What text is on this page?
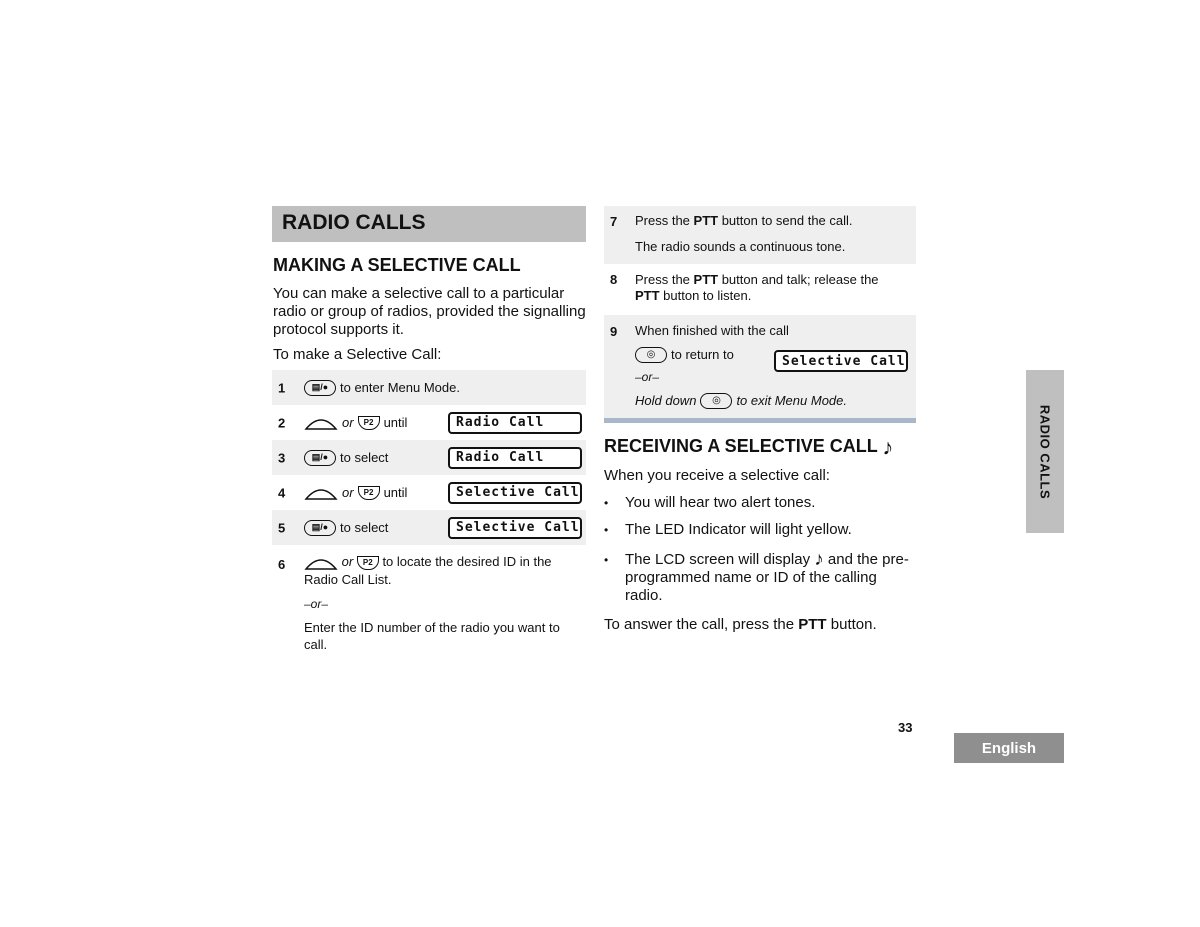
RADIO CALLS
MAKING A SELECTIVE CALL
You can make a selective call to a particular radio or group of radios, provided the signalling protocol supports it.
To make a Selective Call:
1	▤/● to enter Menu Mode.
2	or	P2 until	Radio Call
3	▤/● to select	Radio Call
4	or	P2 until	Selective Call
5	▤/● to select	Selective Call
6	or P2 to locate the desired ID in the Radio Call List.
–or–
Enter the ID number of the radio you want to call.
7 Press the PTT button to send the call.
The radio sounds a continuous tone.
8 Press the PTT button and talk; release the PTT button to listen.
9 When finished with the call
◎	to return to	Selective Call
–or–
Hold down	◎	to exit Menu Mode.
RECEIVING A SELECTIVE CALL ♪
When you receive a selective call:
• You will hear two alert tones.
• The LED Indicator will light yellow.
• The LCD screen will display ♪ and the pre-programmed name or ID of the calling radio.
To answer the call, press the PTT button.
RADIO CALLS
33
English
